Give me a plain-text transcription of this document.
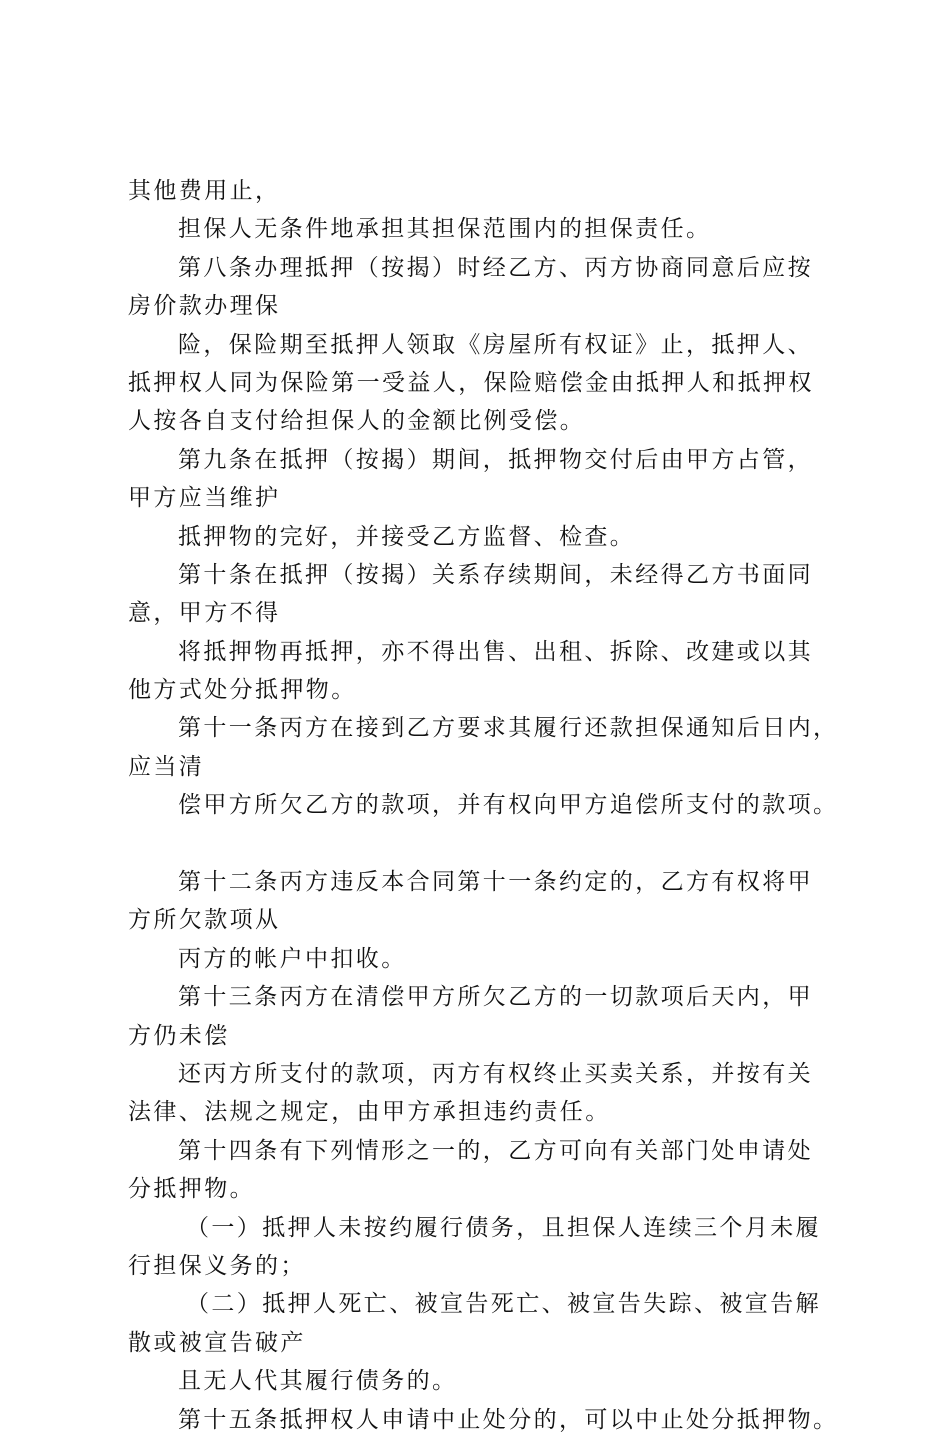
其他费用止，
担保人无条件地承担其担保范围内的担保责任。
第八条办理抵押（按揭）时经乙方、丙方协商同意后应按
房价款办理保
险，保险期至抵押人领取《房屋所有权证》止，抵押人、
抵押权人同为保险第一受益人，保险赔偿金由抵押人和抵押权
人按各自支付给担保人的金额比例受偿。
第九条在抵押（按揭）期间，抵押物交付后由甲方占管，
甲方应当维护
抵押物的完好，并接受乙方监督、检查。
第十条在抵押（按揭）关系存续期间，未经得乙方书面同
意，甲方不得
将抵押物再抵押，亦不得出售、出租、拆除、改建或以其
他方式处分抵押物。
第十一条丙方在接到乙方要求其履行还款担保通知后日内，
应当清
偿甲方所欠乙方的款项，并有权向甲方追偿所支付的款项。
第十二条丙方违反本合同第十一条约定的，乙方有权将甲
方所欠款项从
丙方的帐户中扣收。
第十三条丙方在清偿甲方所欠乙方的一切款项后天内，甲
方仍未偿
还丙方所支付的款项，丙方有权终止买卖关系，并按有关
法律、法规之规定，由甲方承担违约责任。
第十四条有下列情形之一的，乙方可向有关部门处申请处
分抵押物。
（一）抵押人未按约履行债务，且担保人连续三个月未履
行担保义务的；
（二）抵押人死亡、被宣告死亡、被宣告失踪、被宣告解
散或被宣告破产
且无人代其履行债务的。
第十五条抵押权人申请中止处分的，可以中止处分抵押物。
